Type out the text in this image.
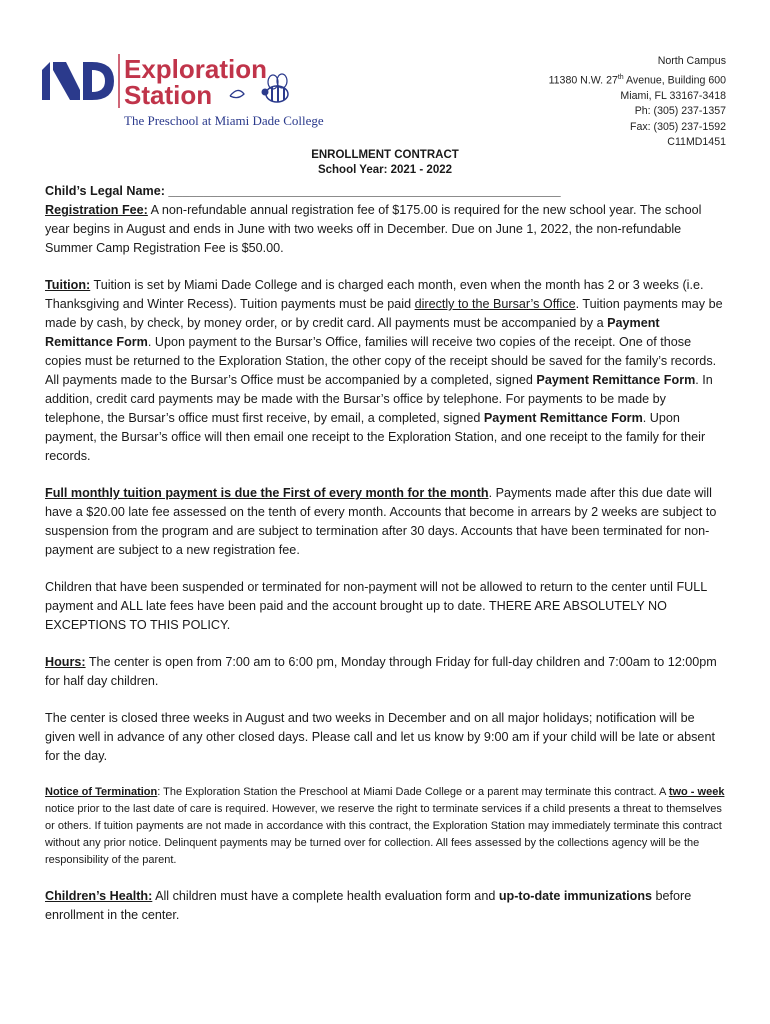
Exploration
Station
The Preschool at Miami Dade College
North Campus
11380 N.W. 27th Avenue, Building 600
Miami, FL 33167-3418
Ph: (305) 237-1357
Fax: (305) 237-1592
C11MD1451
ENROLLMENT CONTRACT
School Year: 2021 - 2022

Child’s Legal Name: ________________________________________________________

Registration Fee: A non-refundable annual registration fee of $175.00 is required for the new school year. The school year begins in August and ends in June with two weeks off in December. Due on June 1, 2022, the non-refundable Summer Camp Registration Fee is $50.00.

Tuition: Tuition is set by Miami Dade College and is charged each month, even when the month has 2 or 3 weeks (i.e. Thanksgiving and Winter Recess). Tuition payments must be paid directly to the Bursar’s Office. Tuition payments may be made by cash, by check, by money order, or by credit card. All payments must be accompanied by a Payment Remittance Form. Upon payment to the Bursar’s Office, families will receive two copies of the receipt. One of those copies must be returned to the Exploration Station, the other copy of the receipt should be saved for the family’s records. All payments made to the Bursar’s Office must be accompanied by a completed, signed Payment Remittance Form. In addition, credit card payments may be made with the Bursar’s office by telephone. For payments to be made by telephone, the Bursar’s office must first receive, by email, a completed, signed Payment Remittance Form. Upon payment, the Bursar’s office will then email one receipt to the Exploration Station, and one receipt to the family for their records.

Full monthly tuition payment is due the First of every month for the month. Payments made after this due date will have a $20.00 late fee assessed on the tenth of every month. Accounts that become in arrears by 2 weeks are subject to suspension from the program and are subject to termination after 30 days. Accounts that have been terminated for non-payment are subject to a new registration fee.

Children that have been suspended or terminated for non-payment will not be allowed to return to the center until FULL payment and ALL late fees have been paid and the account brought up to date. THERE ARE ABSOLUTELY NO EXCEPTIONS TO THIS POLICY.

Hours: The center is open from 7:00 am to 6:00 pm, Monday through Friday for full-day children and 7:00am to 12:00pm for half day children.

The center is closed three weeks in August and two weeks in December and on all major holidays; notification will be given well in advance of any other closed days. Please call and let us know by 9:00 am if your child will be late or absent for the day.

Notice of Termination: The Exploration Station the Preschool at Miami Dade College or a parent may terminate this contract. A two - week notice prior to the last date of care is required. However, we reserve the right to terminate services if a child presents a threat to themselves or others. If tuition payments are not made in accordance with this contract, the Exploration Station may immediately terminate this contract without any prior notice. Delinquent payments may be turned over for collection. All fees assessed by the collections agency will be the responsibility of the parent.

Children’s Health: All children must have a complete health evaluation form and up-to-date immunizations before enrollment in the center.
